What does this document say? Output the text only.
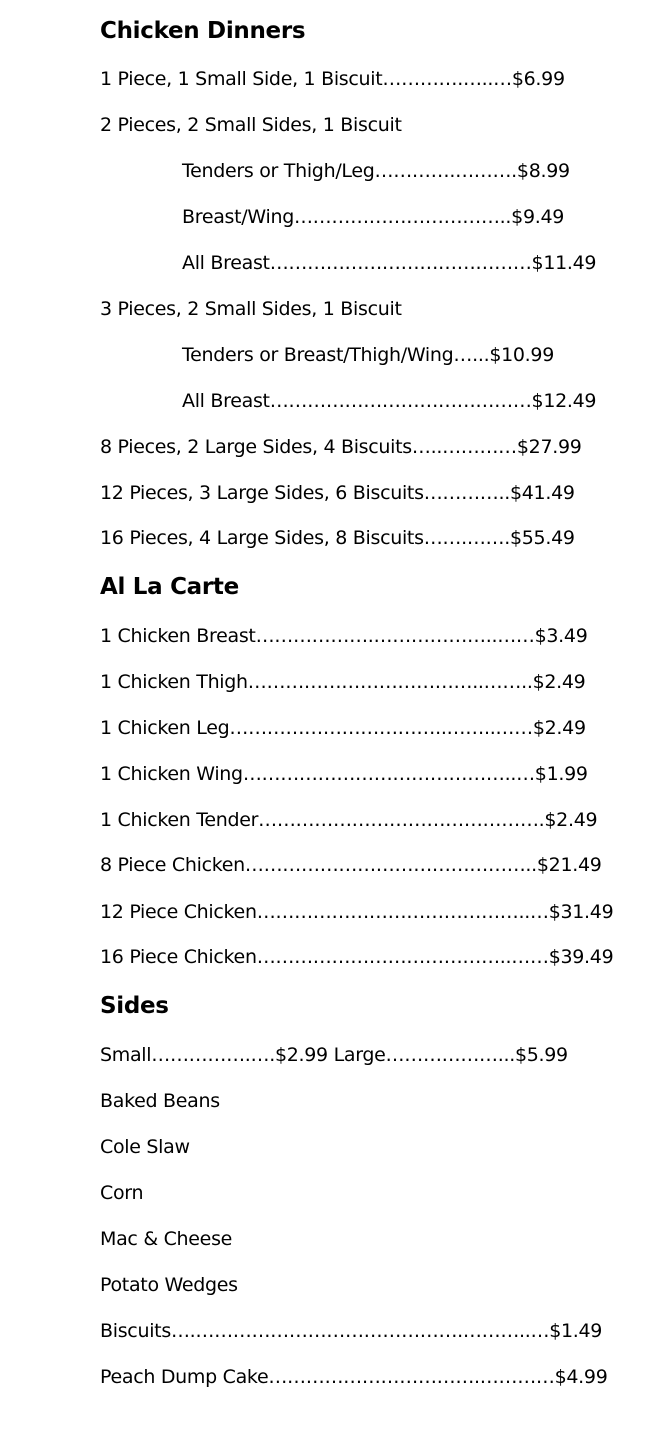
Chicken Dinners
1 Piece, 1 Small Side, 1 Biscuit………….…..…$6.99
2 Pieces, 2 Small Sides, 1 Biscuit
Tenders or Thigh/Leg………….……….$8.99
Breast/Wing……………………………..$9.49
All Breast……………………………………$11.49
3 Pieces, 2 Small Sides, 1 Biscuit
Tenders or Breast/Thigh/Wing…...$10.99
All Breast……………………………………$12.49
8 Pieces, 2 Large Sides, 4 Biscuits…..…………$27.99
12 Pieces, 3 Large Sides, 6 Biscuits…………..$41.49
16 Pieces, 4 Large Sides, 8 Biscuits…….…….$55.49
Al La Carte
1 Chicken Breast……………….………………..……$3.49
1 Chicken Thigh………………………………..……..$2.49
1 Chicken Leg……………………………..……..……$2.49
1 Chicken Wing……………………………………..…$1.99
1 Chicken Tender……………………………………….$2.49
8 Piece Chicken………………………………………..$21.49
12 Piece Chicken……………………………………..…$31.49
16 Piece Chicken…………………………………..……$39.49
Sides
Small…………….….$2.99 Large………………...$5.99
Baked Beans
Cole Slaw
Corn
Mac & Cheese
Potato Wedges
Biscuits….…………………………………….………..…$1.49
Peach Dump Cake…………………………….…………$4.99
